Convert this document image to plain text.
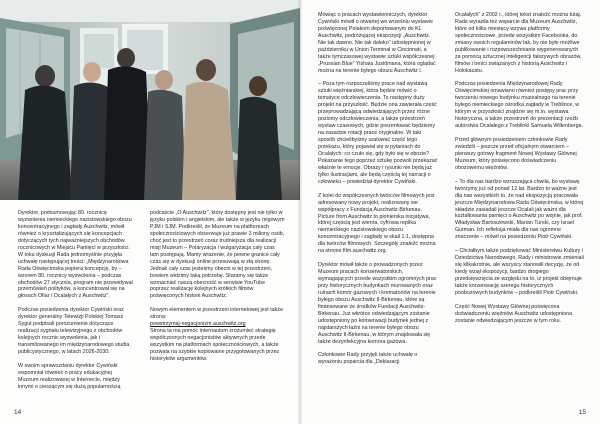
Dyrektor, podsumowując 80. rocznicę wyzwolenia niemieckiego nazistowskiego obozu koncentracyjnego i zagłady Auschwitz, mówił również o kryształizujących się koncepcjach dotyczących tych najważniejszych obchodów rocznicowych w Miejscu Pamięci w przyszłości. W toku dyskusji Rada jednomyślnie przyjęła uchwałę następującej treści: „Międzynarodowa Rada Oświęcimska popiera koncepcję, by – wzorem 80. rocznicy wyzwolenia – podczas obchodów 27 stycznia, program nie przewidywał przemówień polityków, a koncentrował się na głosach Ofiar i Ocalałych z Auschwitz”.

Podczas posiedzenia dyrektor Cywiński oraz dyrektor generalny Telewizji Polskiej Tomasz Sygut podpisali porozumienie dotyczące realizacji sygnału telewizyjnego z obchodów kolejnych rocznic wyzwolenia, jak i transmitowanego im międzynarodowego studia publicystycznego, w latach 2026-2030.

W swoim sprawozdaniu dyrektor Cywiński wspomniał również o pracy edukacyjnej Muzeum realizowanej w Internecie, między innymi o cieszącym się dużą popularnością

podcaście „O Auschwitz”, który dostępny jest nie tylko w języku polskim i angielskim, ale także w języku migowym PJM i SJM. Podkreślił, że Muzeum na platformach społecznościowych obserwuje już prawie 3 miliony osób, choć jest to przestrzeń coraz trudniejsza dla realizacji misji Muzeum – Polaryzacja i wulgaryzacja cały czas tam postępują. Mamy wrażenie, że pewne granice cały czas się w dyskusji online przesuwają w złą stronę. Jednak cały czas jesteśmy obecni w tej przestrzeni, bowiem widzimy taką potrzebę. Staramy się także wzmacniać naszą obecność w serwisie YouTube poprzez realizację kolejnych krótkich filmów poświęconych historii Auschwitz.

Nowym elementem w przestrzeni internetowej jest także strona:

powstrzymaj-negacjonizm.auschwitz.org

Strona ta ma pomóc internautom zrozumieć strategię współczesnych negacjonistów aktywnych przede wszystkim na platformach społecznościowych, a także pozwala na szybkie kopiowanie przygotowanych przez historyków argumentów.

14

Mówiąc o pracach wystawienniczych, dyrektor Cywiński mówił o otwartej we wrześniu wystawie poświęconej Polakom deportowanym do KL Auschwitz, podróżującej ekspozycji „Auschwitz. Nie tak dawno. Nie tak daleko” udostępnionej w październiku w Union Terminal w Cincinnati, a także tymczasowej wystawie sztuki współczesnej „Prussian Blue” Yishaia Jusidmana, która oglądać można na terenie byłego obozu Auschwitz I.

– Poza tym rozpoczęliśmy prace nad wystawą sztuki więźniarskiej, która będzie mówić o tematyce odczłowieczenia. To następny duży projekt na przyszłość. Będzie ona zawierała część przeprowadzającą odwiedzających przez różne poziomy odczłowieczenia, a także przestrzeń wystaw czasowych, gdzie prezentować będziemy na zasadzie rotacji prace oryginalne. W taki sposób chcielibyśmy uratować część tego przekazu, który pojawiał się w pytaniach do Ocalałych: co czuło się, gdy było się w obozie? Pokazanie tego poprzez sztukę pozwoli przekazać właśnie te emocje. Obrazy i rysunki nie będą już tylko ilustracjami, ale będą częścią tej narracji o człowieku – powiedział dyrektor Cywiński.

Z kolei do współczesnych twórców filmowych jest adresowany nowy projekt, realizowany we współpracy z Fundacją Auschwitz-Birkenau. Picture from Auschwitz to pionierska inicjatywa, której częścią jest wierna, cyfrowa replika niemieckiego nazistowskiego obozu koncentracyjnego i zagłady w skali 1:1, dostępna dla twórców filmowych. Szczegóły znaleźć można na stronie film.auschwitz.org.

Dyrektor mówił także o prowadzonych przez Muzeum pracach konserwatorskich, wymagających przede wszystkim ogromnych prac przy historycznych budynkach murowanych oraz ruinach komór gazowych i krematoriów na terenie byłego obozu Auschwitz II-Birkenau, które są finansowane ze środków Fundacji Auschwitz-Birkenau. Już wkrótce odwiedzającym zostanie udostępniony po konserwacji budynek jednej z najstarszych łaźni na terenie byłego obozu Auschwitz II-Birkenau, w którym znajdowała się także dezynfekcyjna komora gazowa.

Członkowie Rady przyjęli także uchwałę o wyrażeniu poparcia dla „Deklaracji

Ocalałych” z 2002 r., której tekst znaleźć można tutaj. Rada wyraziła też wsparcie dla Muzeum Auschwitz, które od kilku miesięcy wzywa platformy społecznościowe, przede wszystkim Facebooka, do zmiany swoich regulaminów tak, by nie było możliwe publikowanie i rozpowszechnianie wygenerowanych za pomocą sztucznej inteligencji fałszywych obrazów, filmów i treści związanych z historią Auschwitz i Holokaustu.

Podczas posiedzenia Międzynarodowej Rady Oświęcimskiej omawiano również postępy prac przy tworzeniu nowego budynku muzealnego na terenie byłego niemieckiego ośrodka zagłady w Treblince, w którym w przyszłości znajdzie się m.in. wystawa historyczna, a także przestrzeń do prezentacji rzeźb autorstwa Ocalałego z Treblinki Samuela Willenberga.

Przed głównym posiedzeniem członkowie Rady zwiedzili – jeszcze przed oficjalnym otwarciem – pierwszy gotowy fragment Nowej Wystawy Głównej Muzeum, który poświęcono doświadczeniu obozowemu więźniów.

– To dla nas bardzo wzruszająca chwila, bo wystawę tworzymy już od ponad 12 lat. Bardzo to ważne jest dla nas wszystkich to, że nad ekspozycją pracowała jeszcze Międzynarodowa Rada Oświęcimska, w której składzie zasiadali jeszcze Ocalali jak ważni dla kształtowania pamięci o Auschwitz po wojnie, jak prof. Władysław Bartoszewski, Marian Turski, czy Israel Gutman. Ich refleksja miała dla nas ogromne znaczenie – mówił na posiedzeniu Piotr Cywiński.

– Chciałbym także podziękować Ministerstwu Kultury i Dziedzictwa Narodowego, Rady i ministrowie zmieniali się kilkakrotnie, ale wszyscy stanowili decyzję, że od kiedy wziął ekspozycji, bardzo drogiego przedsięwzięcia ze względu na to, iż projekt obejmuje także konserwację szeregu historycznych poobozowych budynków – podkreślił Piotr Cywiński.

Część Nowej Wystawy Głównej poświęcona doświadczeniu więźniów Auschwitz udostępniona zostanie odwiedzającym jeszcze w tym roku.

15
